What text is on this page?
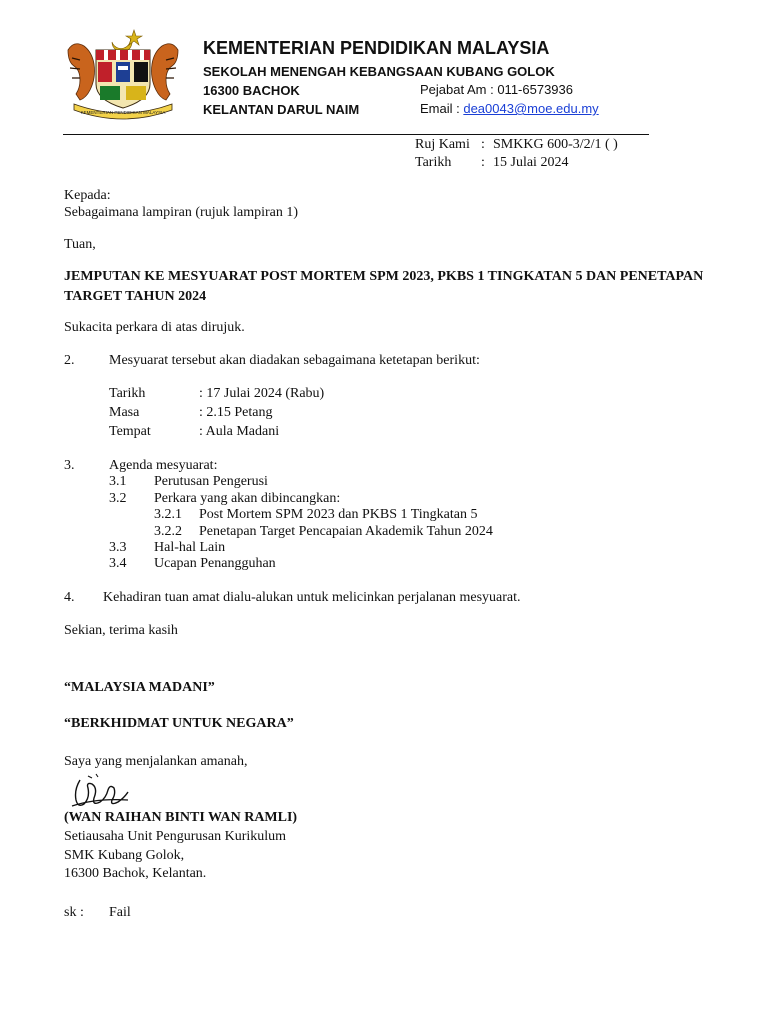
KEMENTERIAN PENDIDIKAN MALAYSIA
KEMENTERIAN PENDIDIKAN MALAYSIA
SEKOLAH MENENGAH KEBANGSAAN KUBANG GOLOK
16300 BACHOK
KELANTAN DARUL NAIM
Pejabat Am : 011-6573936
Email : dea0043@moe.edu.my
Ruj Kami : SMKKG 600-3/2/1 ( )
Tarikh : 15 Julai 2024
Kepada:
Sebagaimana lampiran (rujuk lampiran 1)
Tuan,
JEMPUTAN KE MESYUARAT POST MORTEM SPM 2023, PKBS 1 TINGKATAN 5 DAN PENETAPAN
TARGET TAHUN 2024
Sukacita perkara di atas dirujuk.
2. Mesyuarat tersebut akan diadakan sebagaimana ketetapan berikut:
Tarikh	: 17 Julai 2024 (Rabu)
Masa	: 2.15 Petang
Tempat	: Aula Madani
3. Agenda mesyuarat:
3.1 Perutusan Pengerusi
3.2 Perkara yang akan dibincangkan:
3.2.1 Post Mortem SPM 2023 dan PKBS 1 Tingkatan 5
3.2.2 Penetapan Target Pencapaian Akademik Tahun 2024
3.3 Hal-hal Lain
3.4 Ucapan Penangguhan
4. Kehadiran tuan amat dialu-alukan untuk melicinkan perjalanan mesyuarat.
Sekian, terima kasih
“MALAYSIA MADANI”
“BERKHIDMAT UNTUK NEGARA”
Saya yang menjalankan amanah,
(WAN RAIHAN BINTI WAN RAMLI)
Setiausaha Unit Pengurusan Kurikulum
SMK Kubang Golok,
16300 Bachok, Kelantan.
sk : Fail
